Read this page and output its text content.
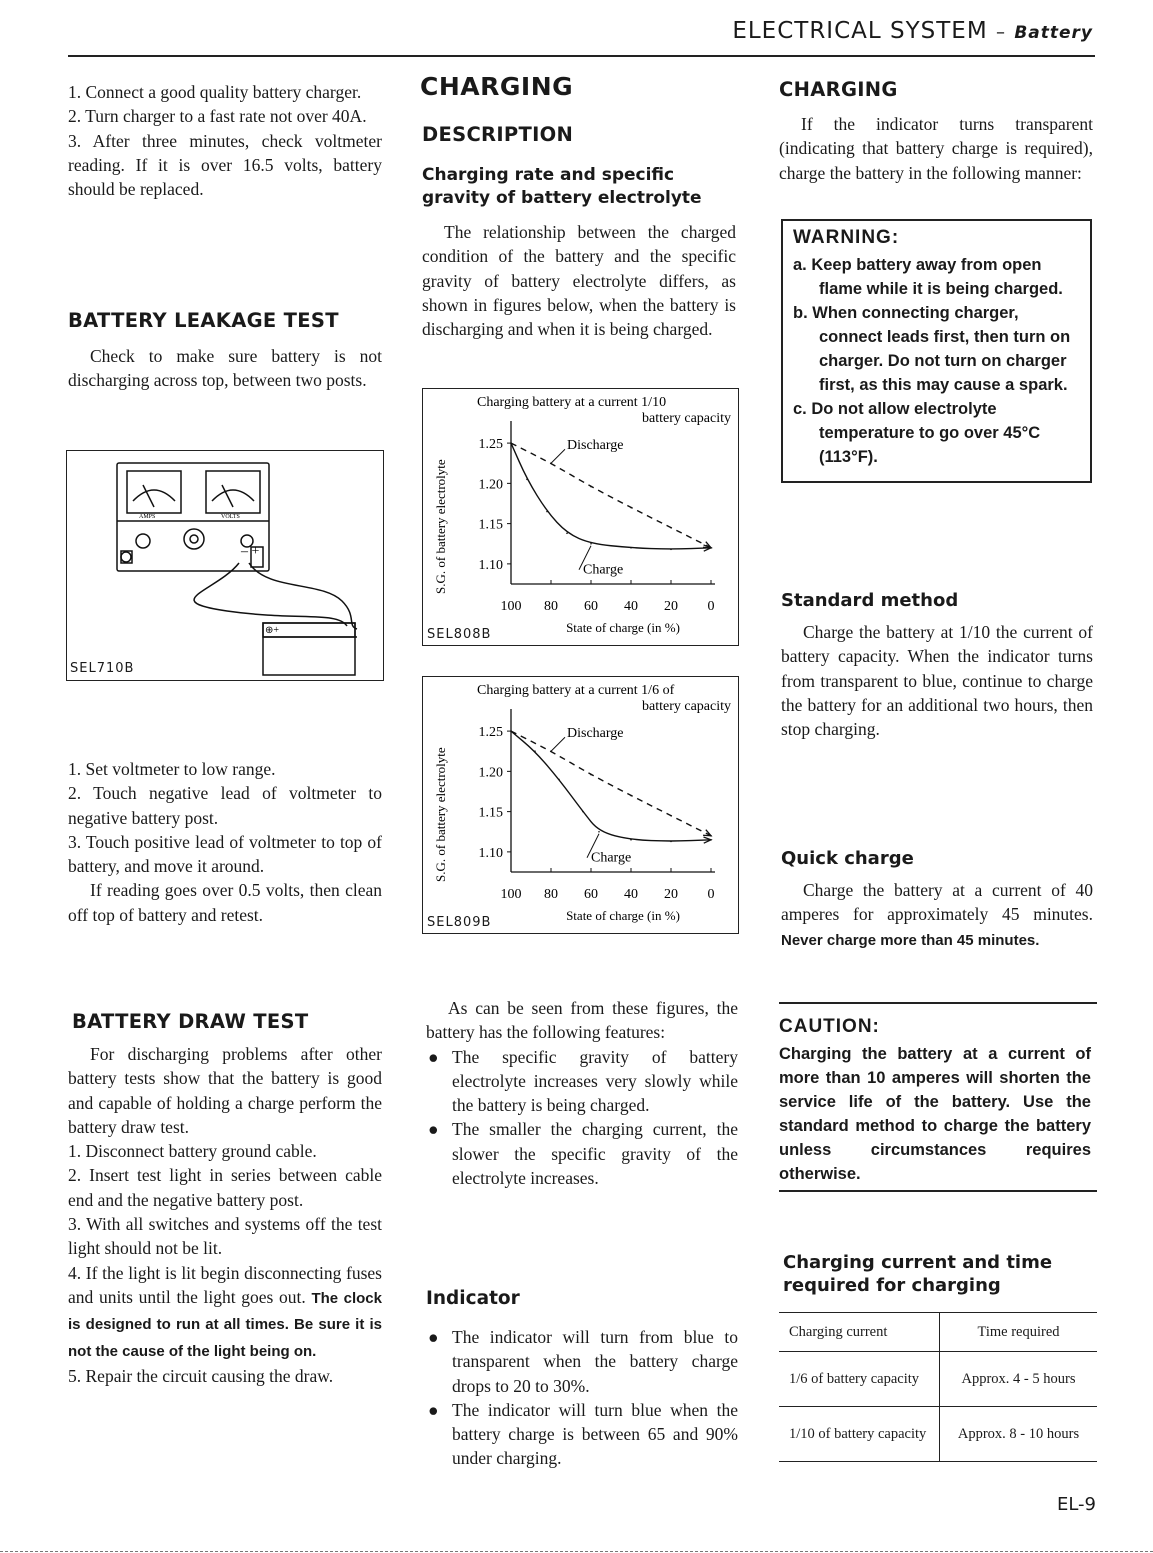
ELECTRICAL SYSTEM – Battery

1. Connect a good quality battery charger.

2. Turn charger to a fast rate not over 40A.

3. After three minutes, check voltmeter reading. If it is over 16.5 volts, battery should be replaced.

BATTERY LEAKAGE TEST
Check to make sure battery is not discharging across top, between two posts.
AMPS	VOLTS
– +
⊕+
SEL710B

1. Set voltmeter to low range.

2. Touch negative lead of voltmeter to negative battery post.

3. Touch positive lead of voltmeter to top of battery, and move it around.

If reading goes over 0.5 volts, then clean off top of battery and retest.

BATTERY DRAW TEST

For discharging problems after other battery tests show that the battery is good and capable of holding a charge perform the battery draw test.

1. Disconnect battery ground cable.

2. Insert test light in series between cable end and the negative battery post.

3. With all switches and systems off the test light should not be lit.

4. If the light is lit begin disconnecting fuses and units until the light goes out. The clock is designed to run at all times. Be sure it is not the cause of the light being on.

5. Repair the circuit causing the draw.

CHARGING
DESCRIPTION
Charging rate and specific gravity of battery electrolyte
The relationship between the charged condition of the battery and the specific gravity of battery electrolyte differs, as shown in figures below, when the battery is discharging and when it is being charged.
Charging battery at a current 1/10
battery capacity
S.G. of battery electrolyte
1.25
1.20
1.15
1.10
100 80 60 40 20 0
State of charge (in %)
Discharge
Charge
SEL808B
Charging battery at a current 1/6 of
battery capacity
S.G. of battery electrolyte
1.25
1.20
1.15
1.10
100 80 60 40 20 0
State of charge (in %)
Discharge
Charge
SEL809B

As can be seen from these figures, the battery has the following features:

● The specific gravity of battery electrolyte increases very slowly while the battery is being charged.
● The smaller the charging current, the slower the specific gravity of the electrolyte increases.
Indicator
● The indicator will turn from blue to transparent when the battery charge drops to 20 to 30%.
● The indicator will turn blue when the battery charge is between 65 and 90% under charging.
CHARGING
If the indicator turns transparent (indicating that battery charge is required), charge the battery in the following manner:
WARNING:
a. Keep battery away from open flame while it is being charged.
b. When connecting charger, connect leads first, then turn on charger. Do not turn on charger first, as this may cause a spark.
c. Do not allow electrolyte temperature to go over 45°C (113°F).
Standard method
Charge the battery at 1/10 the current of battery capacity. When the indicator turns from transparent to blue, continue to charge the battery for an additional two hours, then stop charging.
Quick charge
Charge the battery at a current of 40 amperes for approximately 45 minutes. Never charge more than 45 minutes.
CAUTION:
Charging the battery at a current of more than 10 amperes will shorten the service life of the battery. Use the standard method to charge the battery unless circumstances requires otherwise.
Charging current and time required for charging
Charging current	Time required
1/6 of battery capacity	Approx. 4 - 5 hours
1/10 of battery capacity	Approx. 8 - 10 hours
EL-9
